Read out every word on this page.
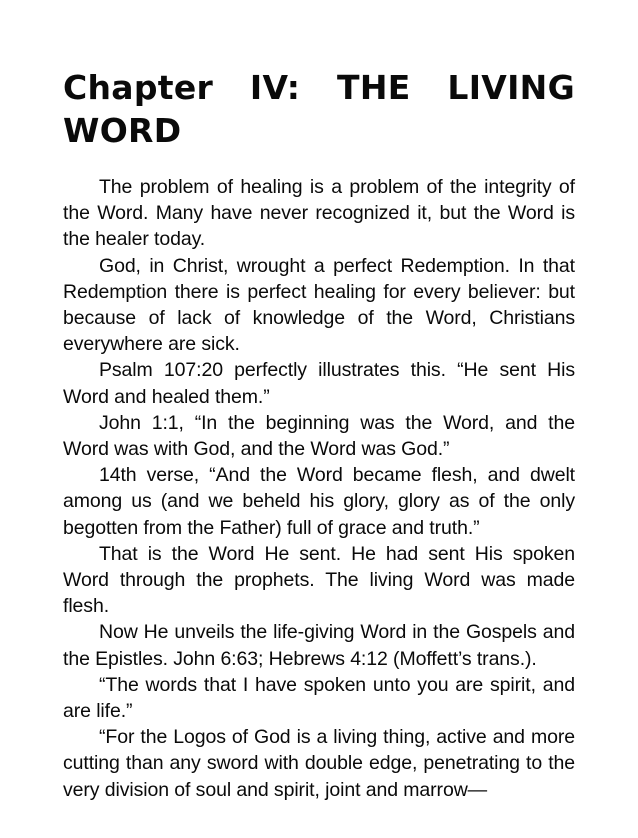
Chapter IV: THE LIVING WORD

The problem of healing is a problem of the integrity of the Word. Many have never recognized it, but the Word is the healer today.

God, in Christ, wrought a perfect Redemption. In that Redemption there is perfect healing for every believer: but because of lack of knowledge of the Word, Christians everywhere are sick.

Psalm 107:20 perfectly illustrates this. “He sent His Word and healed them.”

John 1:1, “In the beginning was the Word, and the Word was with God, and the Word was God.”

14th verse, “And the Word became flesh, and dwelt among us (and we beheld his glory, glory as of the only begotten from the Father) full of grace and truth.”

That is the Word He sent. He had sent His spoken Word through the prophets. The living Word was made flesh.

Now He unveils the life-giving Word in the Gospels and the Epistles. John 6:63; Hebrews 4:12 (Moffett’s trans.).

“The words that I have spoken unto you are spirit, and are life.”

“For the Logos of God is a living thing, active and more cutting than any sword with double edge, penetrating to the very division of soul and spirit, joint and marrow—
